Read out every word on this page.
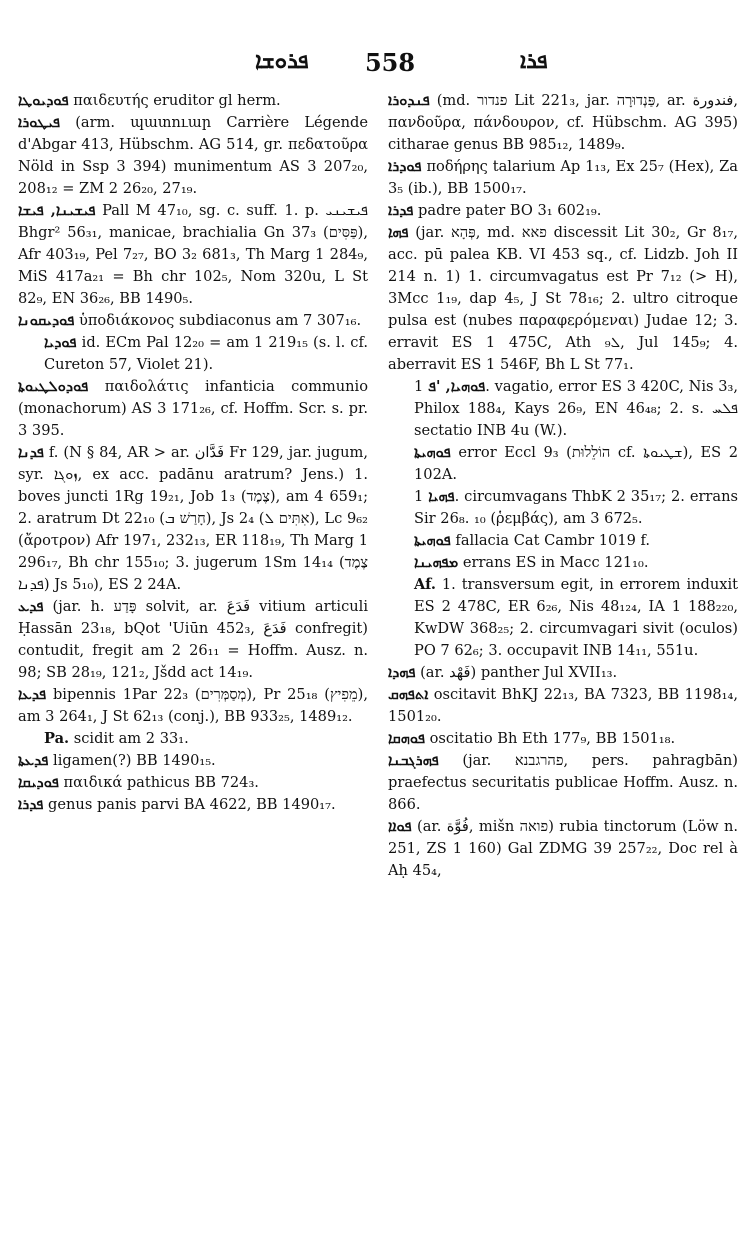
ܦܪܘܫܐ 558	ܦܪܐ

ܦܘܕܝܘܛܐ παιδευτής eruditor gl herm.

ܦܝܛܘܪܐ (arm. պատուար Carrière Légende d'Abgar 413, Hübschm. AG 514, gr. πεδατοῦρα Nöld in Ssp 3 394) munimentum AS 3 207₂₀, 208₁₂ = ZM 2 26₂₀, 27₁₉.

ܦܝܫܝܢܐ, ܦܝܫܐ Pall M 47₁₀, sg. c. suff. 1. p. ܦܝܫܝܢܝ Bhgr² 56₃₁, manicae, brachialia Gn 37₃ (פַּסִּים), Afr 403₁₉, Pel 7₂₇, BO 3₂ 681₃, Th Marg 1 284₉, MiS 417a₂₁ = Bh chr 102₅, Nom 320u, L St 82₉, EN 36₂₆, BB 1490₅.

ܦܘܕܝܩܘܢܐ ὑποδιάκονος subdiaconus am 7 307₁₆.

ܦܘܕܝܐ id. ECm Pal 12₂₀ = am 1 219₁₅ (s. l. cf. Cureton 57, Violet 21).

ܦܘܕܘܠܛܝܘܬܐ παιδολάτις infanticia communio (monachorum) AS 3 171₂₆, cf. Hoffm. Scr. s. pr. 3 395.

ܦܕܢܐ f. (N § 84, AR > ar. فَدَّان Fr 129, jar. jugum, syr. ܙܘܓܐ, ex acc. padānu aratrum? Jens.) 1. boves juncti 1Rg 19₂₁, Job 1₃ (צֶמֶד), am 4 659₁; 2. aratrum Dt 22₁₀ (חָרַשׁ ܒ), Js 2₄ (אִתִּים ܠ), Lc 9₆₂ (ἄροτρον) Afr 197₁, 232₁₃, ER 118₁₉, Th Marg 1 296₁₇, Bh chr 155₁₀; 3. jugerum 1Sm 14₁₄ (צֶמֶד ܦܕܢܐ) Js 5₁₀), ES 2 24A.

ܦܕܥ (jar. h. פָּדַע solvit, ar. فَدَعَ vitium articuli Ḥassān 23₁₈, bQot 'Uiūn 452₃, فَدَعَ confregit) contudit, fregit am 2 26₁₁ = Hoffm. Ausz. n. 98; SB 28₁₉, 121₂, Jšdd act 14₁₉.

ܦܕܥܐ bipennis 1Par 22₃ (מְסַמְּרִים), Pr 25₁₈ (מֵפִיץ), am 3 264₁, J St 62₁₃ (conj.), BB 933₂₅, 1489₁₂.

Pa. scidit am 2 33₁.

ܦܕܥܬܐ ligamen(?) BB 1490₁₅.

ܦܘܕܝܩܐ παιδικά pathicus BB 724₃.

ܦܕܪܐ genus panis parvi BA 4622, BB 1490₁₇.

ܦܢܕܘܪܐ (md. פנדור Lit 221₃, jar. פַּנְדוּרָה, ar. فندورة, πανδοῦρα, πάνδουρον, cf. Hübschm. AG 395) citharae genus BB 985₁₂, 1489₉.

ܦܘܕܪܐ ποδήρης talarium Ap 1₁₃, Ex 25₇ (Hex), Za 3₅ (ib.), BB 1500₁₇.

ܦܕܪܐ padre pater BO 3₁ 602₁₉.

ܦܗܐ (jar. פְּהָא, md. פאא discessit Lit 30₂, Gr 8₁₇, acc. pū palea KB. VI 453 sq., cf. Lidzb. Joh II 214 n. 1) 1. circumvagatus est Pr 7₁₂ (> H), 3Mcc 1₁₉, dap 4₅, J St 78₁₆; 2. ultro citroque pulsa est (nubes παραφερόμεναι) Judae 12; 3. erravit ES 1 475C, Ath ܠ₉, Jul 145₉; 4. aberravit ES 1 546F, Bh L St 77₁.

ܦܘܗܝܐ, 'ܦ 1. vagatio, error ES 3 420C, Nis 3₃, Philox 188₄, Kays 26₉, EN 46₄₈; 2. s. ܦܠܚ sectatio INB 4u (W.).

ܦܘܗܝܬܐ error Eccl 9₃ (הוֹלֵלוּת cf. ܫܛܝܘܬܐ), ES 2 102A.

ܦܗܝܐ 1. circumvagans ThbK 2 35₁₇; 2. errans Sir 26₈. ₁₀ (ῥεμβάς), am 3 672₅.

ܦܘܗܝܬܐ fallacia Cat Cambr 1019 f.

ܡܦܗܝܢܐ errans ES in Macc 121₁₀.

Af. 1. transversum egit, in errorem induxit ES 2 478C, ER 6₂₆, Nis 48₁₂₄, IA 1 188₂₂₀, KwDW 368₂₅; 2. circumvagari sivit (oculos) PO 7 62₆; 3. occupavit INB 14₁₁, 551u.

ܦܗܕܐ (ar. فَهْد) panther Jul XVII₁₃.

ܐܬܦܗܩ oscitavit BhKJ 22₁₃, BA 7323, BB 1198₁₄, 1501₂₀.

ܦܘܗܩܐ oscitatio Bh Eth 177₉, BB 1501₁₈.

ܦܗܪܓܒܢܐ (jar. פהרגבנא, pers. pahragbān) praefectus securitatis publicae Hoffm. Ausz. n. 866.

ܦܘܐܐ (ar. فُوَّة, mišn פואה) rubia tinctorum (Löw n. 251, ZS 1 160) Gal ZDMG 39 257₂₂, Doc rel à Aḥ 45₄,
